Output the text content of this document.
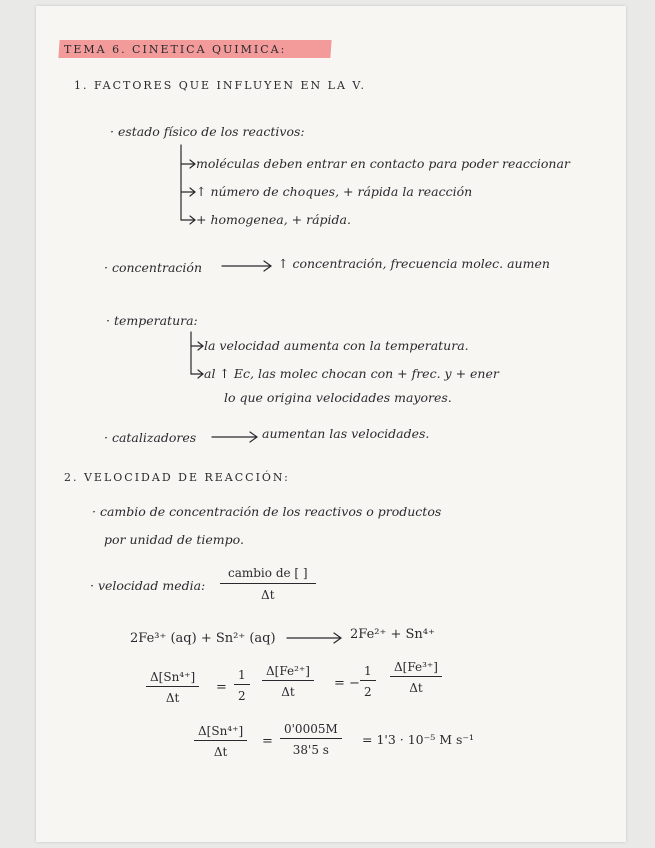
TEMA 6. CINETICA QUIMICA:
1. FACTORES QUE INFLUYEN EN LA V.
· estado físico de los reactivos:
moléculas deben entrar en contacto para poder reaccionar
↑ número de choques, + rápida la reacción
+ homogenea, + rápida.
· concentración	↑ concentración, frecuencia molec. aumen
· temperatura:
la velocidad aumenta con la temperatura.
al ↑ Ec, las molec chocan con + frec. y + ener
lo que origina velocidades mayores.
· catalizadores	aumentan las velocidades.
2. VELOCIDAD DE REACCIÓN:
· cambio de concentración de los reactivos o productos
por unidad de tiempo.
· velocidad media:
cambio de [ ]
Δt
2Fe³⁺ (aq) + Sn²⁺ (aq)	2Fe²⁺ + Sn⁴⁺
$\frac{\text{Δ[Sn⁴⁺]}}{\Delta t} = \frac{1}{2} \frac{\text{Δ[Fe²⁺]}}{\Delta t}$ = − $\frac{1}{2} \frac{\text{Δ[Fe³⁺]}}{\Delta t}$
$\frac{\text{Δ[Sn⁴⁺]}}{\Delta t} = \frac{0'0005M}{38'5 s} = 1'3 \cdot 10^{-5}$ M s⁻¹
